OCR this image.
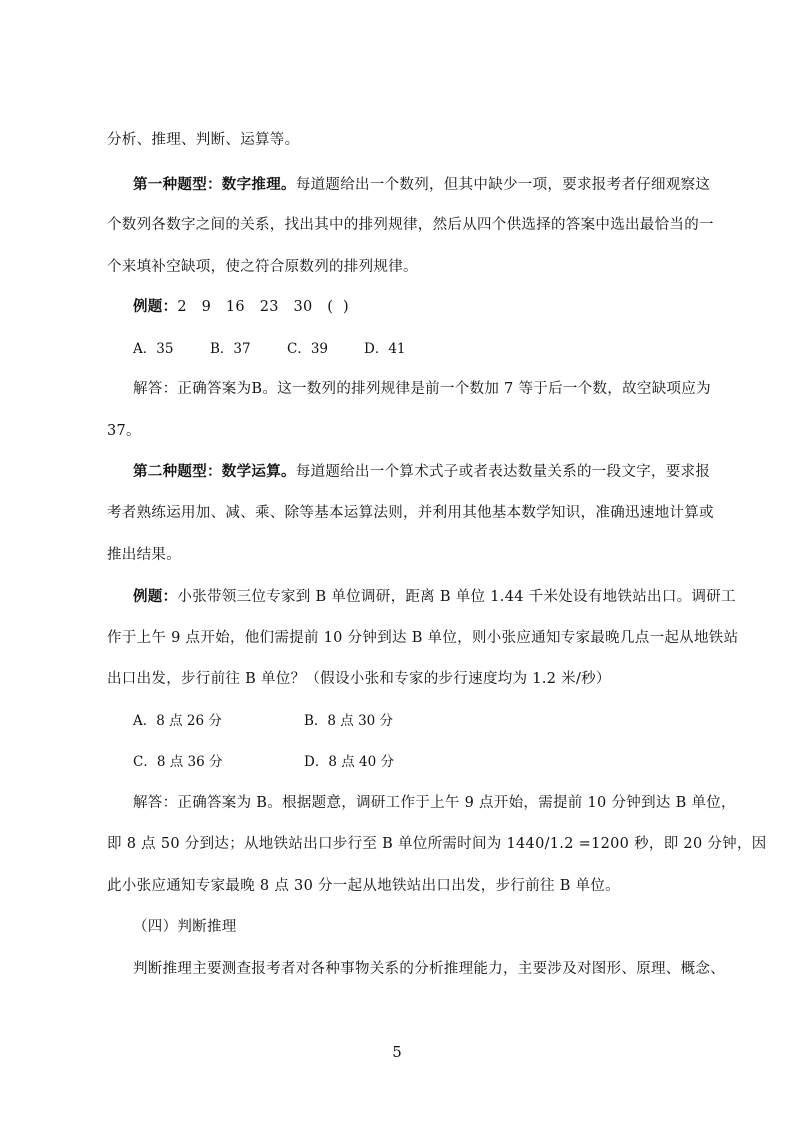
分析、推理、判断、运算等。
第一种题型：数字推理。每道题给出一个数列，但其中缺少一项，要求报考者仔细观察这
个数列各数字之间的关系，找出其中的排列规律，然后从四个供选择的答案中选出最恰当的一
个来填补空缺项，使之符合原数列的排列规律。
例题：2   9   16   23   30   (  )
A．35	B．37	C．39	D．41
解答：正确答案为B。这一数列的排列规律是前一个数加 7 等于后一个数，故空缺项应为
37。
第二种题型：数学运算。每道题给出一个算术式子或者表达数量关系的一段文字，要求报
考者熟练运用加、减、乘、除等基本运算法则，并利用其他基本数学知识，准确迅速地计算或
推出结果。
例题：小张带领三位专家到 B 单位调研，距离 B 单位 1.44 千米处设有地铁站出口。调研工
作于上午 9 点开始，他们需提前 10 分钟到达 B 单位，则小张应通知专家最晚几点一起从地铁站
出口出发，步行前往 B 单位？（假设小张和专家的步行速度均为 1.2 米/秒）
A．8 点 26 分	B．8 点 30 分
C．8 点 36 分	D．8 点 40 分
解答：正确答案为 B。根据题意，调研工作于上午 9 点开始，需提前 10 分钟到达 B 单位，
即 8 点 50 分到达；从地铁站出口步行至 B 单位所需时间为 1440/1.2 =1200 秒，即 20 分钟，因
此小张应通知专家最晚 8 点 30 分一起从地铁站出口出发，步行前往 B 单位。
（四）判断推理
判断推理主要测查报考者对各种事物关系的分析推理能力，主要涉及对图形、原理、概念、
5
